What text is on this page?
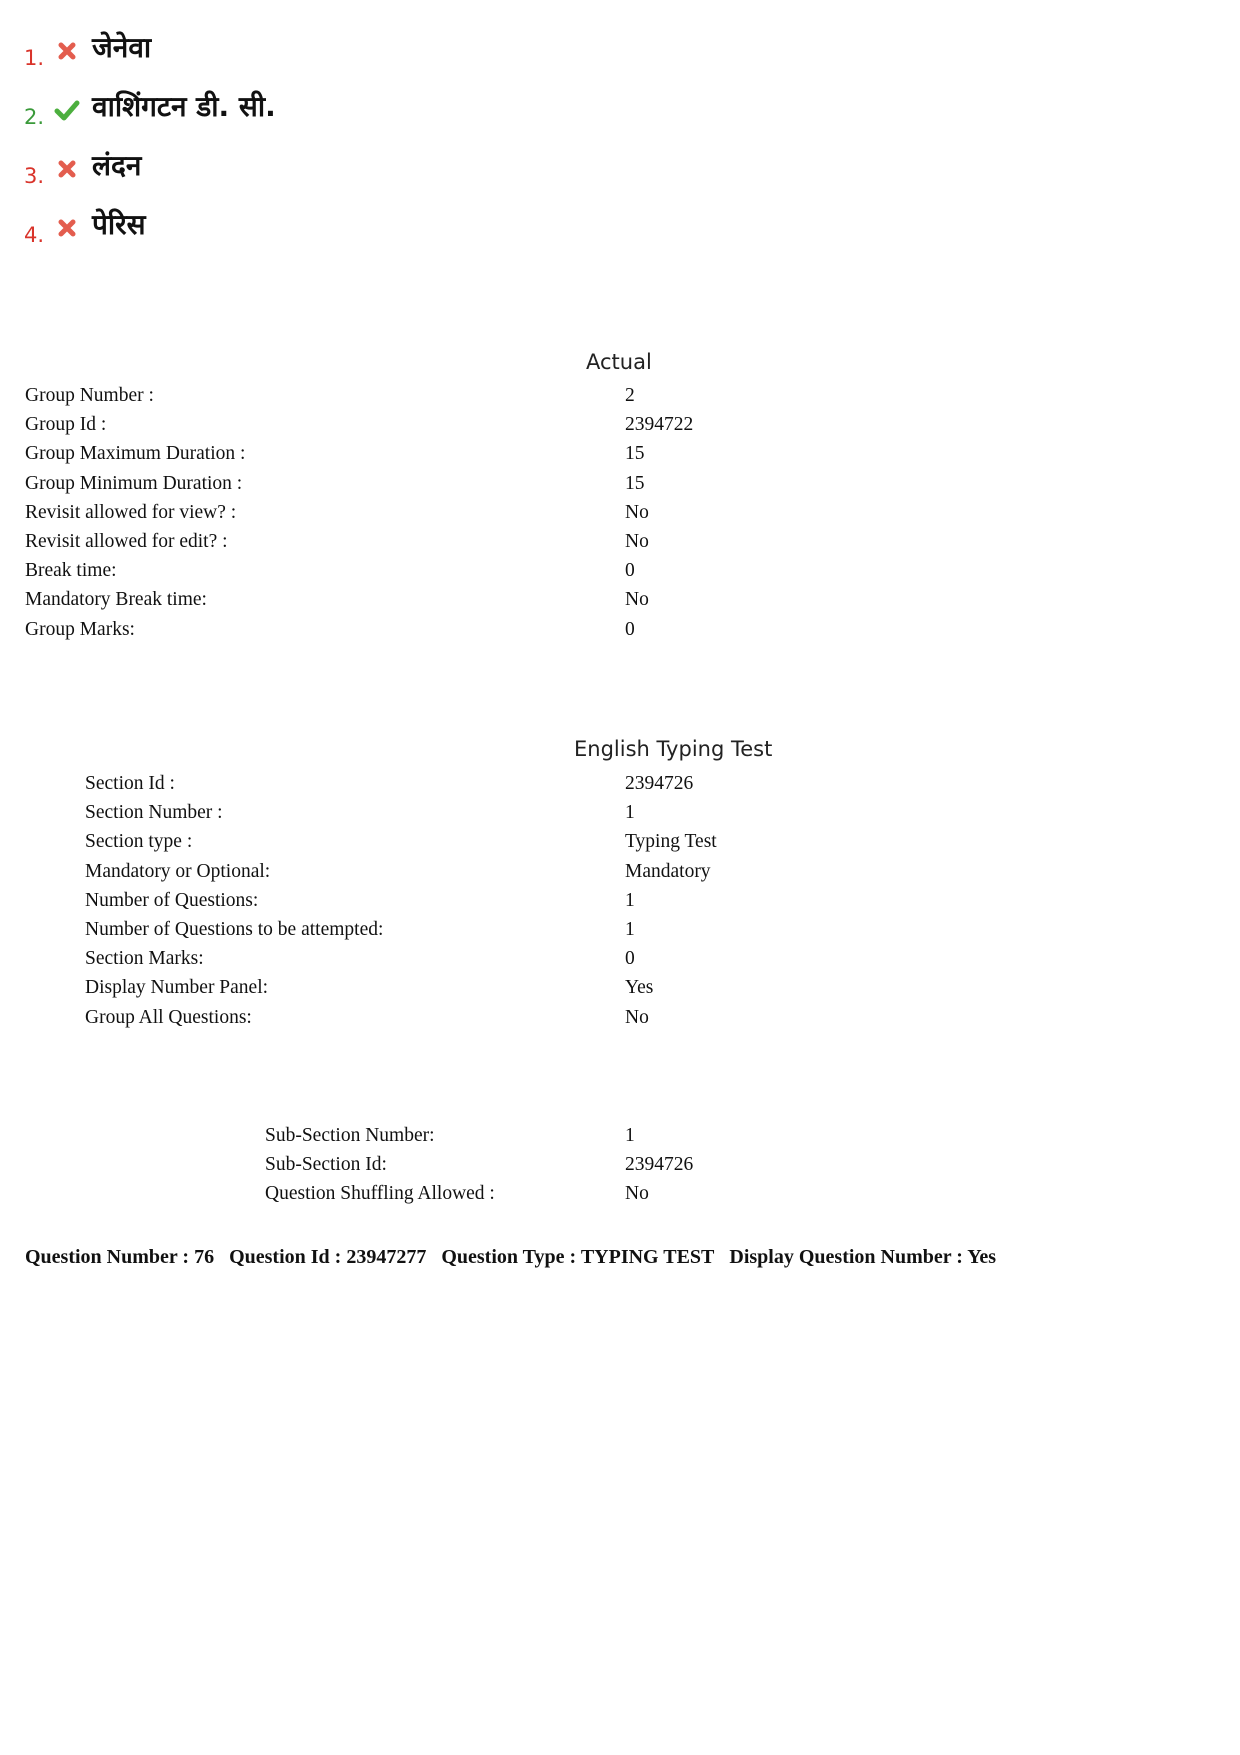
1. जेनेवा
2. वाशिंगटन डी. सी.
3. लंदन
4. पेरिस
Actual
Group Number :	2
Group Id :	2394722
Group Maximum Duration :	15
Group Minimum Duration :	15
Revisit allowed for view? :	No
Revisit allowed for edit? :	No
Break time:	0
Mandatory Break time:	No
Group Marks:	0
English Typing Test
Section Id :	2394726
Section Number :	1
Section type :	Typing Test
Mandatory or Optional:	Mandatory
Number of Questions:	1
Number of Questions to be attempted:	1
Section Marks:	0
Display Number Panel:	Yes
Group All Questions:	No
Sub-Section Number:	1
Sub-Section Id:	2394726
Question Shuffling Allowed :	No
Question Number : 76 Question Id : 23947277 Question Type : TYPING TEST Display Question Number : Yes
